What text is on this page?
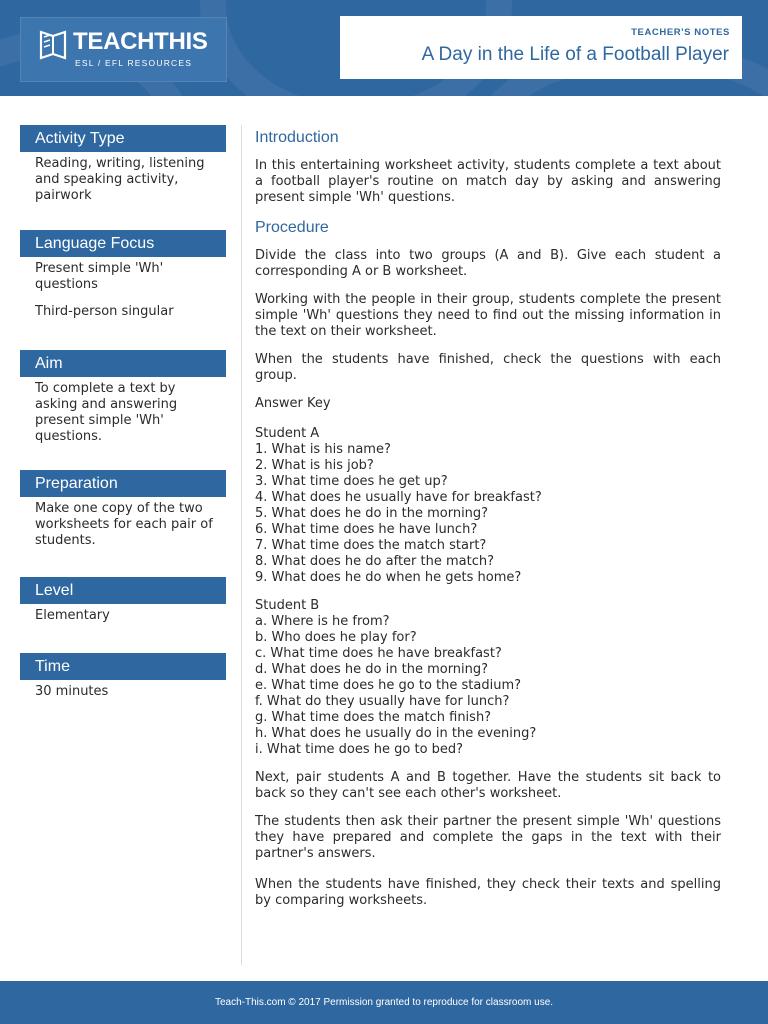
TEACHTHIS
ESL / EFL RESOURCES
TEACHER'S NOTES
A Day in the Life of a Football Player
Activity Type

Reading, writing, listening and speaking activity, pairwork

Language Focus

Present simple 'Wh' questions

Third-person singular

Aim

To complete a text by asking and answering present simple 'Wh' questions.

Preparation

Make one copy of the two worksheets for each pair of students.

Level

Elementary

Time

30 minutes

Introduction

In this entertaining worksheet activity, students complete a text about a football player's routine on match day by asking and answering present simple 'Wh' questions.

Procedure

Divide the class into two groups (A and B). Give each student a corresponding A or B worksheet.

Working with the people in their group, students complete the present simple 'Wh' questions they need to find out the missing information in the text on their worksheet.

When the students have finished, check the questions with each group.

Answer Key

Student A
1. What is his name?
2. What is his job?
3. What time does he get up?
4. What does he usually have for breakfast?
5. What does he do in the morning?
6. What time does he have lunch?
7. What time does the match start?
8. What does he do after the match?
9. What does he do when he gets home?
Student B
a. Where is he from?
b. Who does he play for?
c. What time does he have breakfast?
d. What does he do in the morning?
e. What time does he go to the stadium?
f. What do they usually have for lunch?
g. What time does the match finish?
h. What does he usually do in the evening?
i. What time does he go to bed?

Next, pair students A and B together. Have the students sit back to back so they can't see each other's worksheet.

The students then ask their partner the present simple 'Wh' questions they have prepared and complete the gaps in the text with their partner's answers.

When the students have finished, they check their texts and spelling by comparing worksheets.

Teach-This.com © 2017 Permission granted to reproduce for classroom use.
